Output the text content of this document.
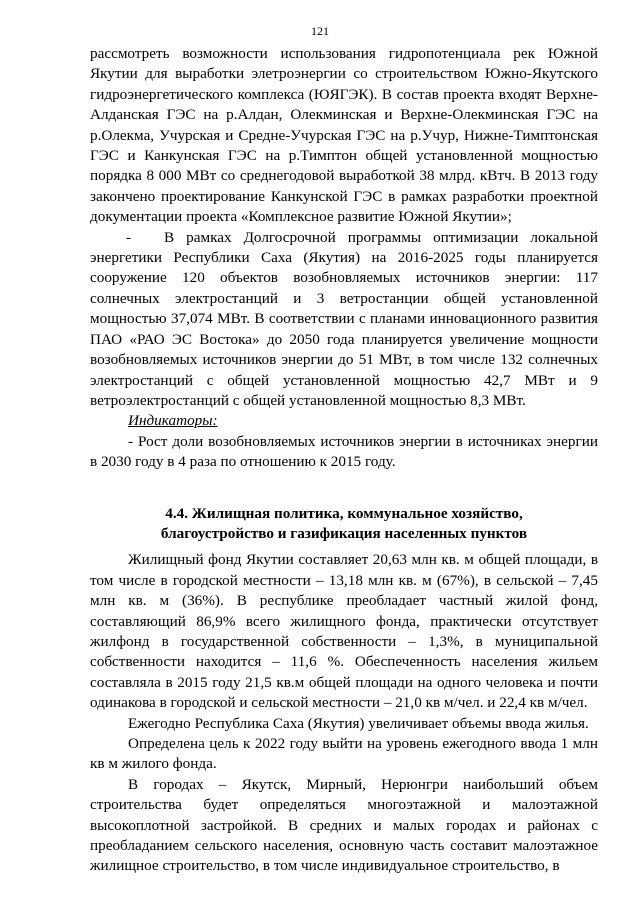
121

рассмотреть возможности использования гидропотенциала рек Южной Якутии для выработки элетроэнергии со строительством Южно-Якутского гидроэнергетического комплекса (ЮЯГЭК). В состав проекта входят Верхне-Алданская ГЭС на р.Алдан, Олекминская и Верхне-Олекминская ГЭС на р.Олекма, Учурская и Средне-Учурская ГЭС на р.Учур, Нижне-Тимптонская ГЭС и Канкунская ГЭС на р.Тимптон общей установленной мощностью порядка 8 000 МВт со среднегодовой выработкой 38 млрд. кВтч. В 2013 году закончено проектирование Канкунской ГЭС в рамках разработки проектной документации проекта «Комплексное развитие Южной Якутии»;

- В рамках Долгосрочной программы оптимизации локальной энергетики Республики Саха (Якутия) на 2016-2025 годы планируется сооружение 120 объектов возобновляемых источников энергии: 117 солнечных электростанций и 3 ветростанции общей установленной мощностью 37,074 МВт. В соответствии с планами инновационного развития ПАО «РАО ЭС Востока» до 2050 года планируется увеличение мощности возобновляемых источников энергии до 51 МВт, в том числе 132 солнечных электростанций с общей установленной мощностью 42,7 МВт и 9 ветроэлектростанций с общей установленной мощностью 8,3 МВт.

Индикаторы:

- Рост доли возобновляемых источников энергии в источниках энергии в 2030 году в 4 раза по отношению к 2015 году.

4.4. Жилищная политика, коммунальное хозяйство,
благоустройство и газификация населенных пунктов

Жилищный фонд Якутии составляет 20,63 млн кв. м общей площади, в том числе в городской местности – 13,18 млн кв. м (67%), в сельской – 7,45 млн кв. м (36%). В республике преобладает частный жилой фонд, составляющий 86,9% всего жилищного фонда, практически отсутствует жилфонд в государственной собственности – 1,3%, в муниципальной собственности находится – 11,6 %. Обеспеченность населения жильем составляла в 2015 году 21,5 кв.м общей площади на одного человека и почти одинакова в городской и сельской местности – 21,0 кв м/чел. и 22,4 кв м/чел.

Ежегодно Республика Саха (Якутия) увеличивает объемы ввода жилья.

Определена цель к 2022 году выйти на уровень ежегодного ввода 1 млн кв м жилого фонда.

В городах – Якутск, Мирный, Нерюнгри наибольший объем строительства будет определяться многоэтажной и малоэтажной высокоплотной застройкой. В средних и малых городах и районах с преобладанием сельского населения, основную часть составит малоэтажное жилищное строительство, в том числе индивидуальное строительство, в
